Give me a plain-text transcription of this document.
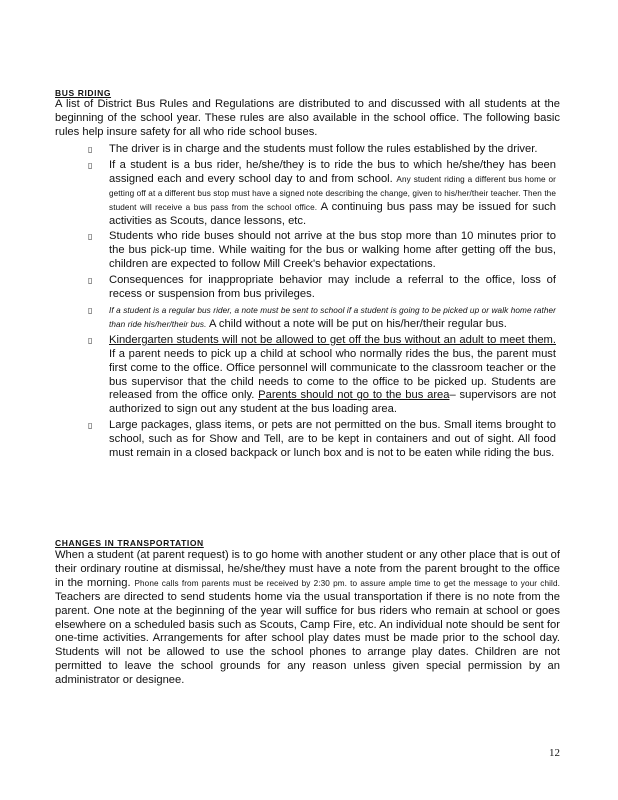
BUS RIDING

A list of District Bus Rules and Regulations are distributed to and discussed with all students at the beginning of the school year. These rules are also available in the school office. The following basic rules help insure safety for all who ride school buses.

▯ The driver is in charge and the students must follow the rules established by the driver.
▯ If a student is a bus rider, he/she/they is to ride the bus to which he/she/they has been assigned each and every school day to and from school. Any student riding a different bus home or getting off at a different bus stop must have a signed note describing the change, given to his/her/their teacher. Then the student will receive a bus pass from the school office. A continuing bus pass may be issued for such activities as Scouts, dance lessons, etc.
▯ Students who ride buses should not arrive at the bus stop more than 10 minutes prior to the bus pick-up time. While waiting for the bus or walking home after getting off the bus, children are expected to follow Mill Creek's behavior expectations.
▯ Consequences for inappropriate behavior may include a referral to the office, loss of recess or suspension from bus privileges.
▯ If a student is a regular bus rider, a note must be sent to school if a student is going to be picked up or walk home rather than ride his/her/their bus. A child without a note will be put on his/her/their regular bus.
▯ Kindergarten students will not be allowed to get off the bus without an adult to meet them. If a parent needs to pick up a child at school who normally rides the bus, the parent must first come to the office. Office personnel will communicate to the classroom teacher or the bus supervisor that the child needs to come to the office to be picked up. Students are released from the office only. Parents should not go to the bus area– supervisors are not authorized to sign out any student at the bus loading area.
▯ Large packages, glass items, or pets are not permitted on the bus. Small items brought to school, such as for Show and Tell, are to be kept in containers and out of sight. All food must remain in a closed backpack or lunch box and is not to be eaten while riding the bus.
CHANGES IN TRANSPORTATION

When a student (at parent request) is to go home with another student or any other place that is out of their ordinary routine at dismissal, he/she/they must have a note from the parent brought to the office in the morning. Phone calls from parents must be received by 2:30 pm. to assure ample time to get the message to your child. Teachers are directed to send students home via the usual transportation if there is no note from the parent. One note at the beginning of the year will suffice for bus riders who remain at school or goes elsewhere on a scheduled basis such as Scouts, Camp Fire, etc. An individual note should be sent for one-time activities. Arrangements for after school play dates must be made prior to the school day. Students will not be allowed to use the school phones to arrange play dates. Children are not permitted to leave the school grounds for any reason unless given special permission by an administrator or designee.

12
